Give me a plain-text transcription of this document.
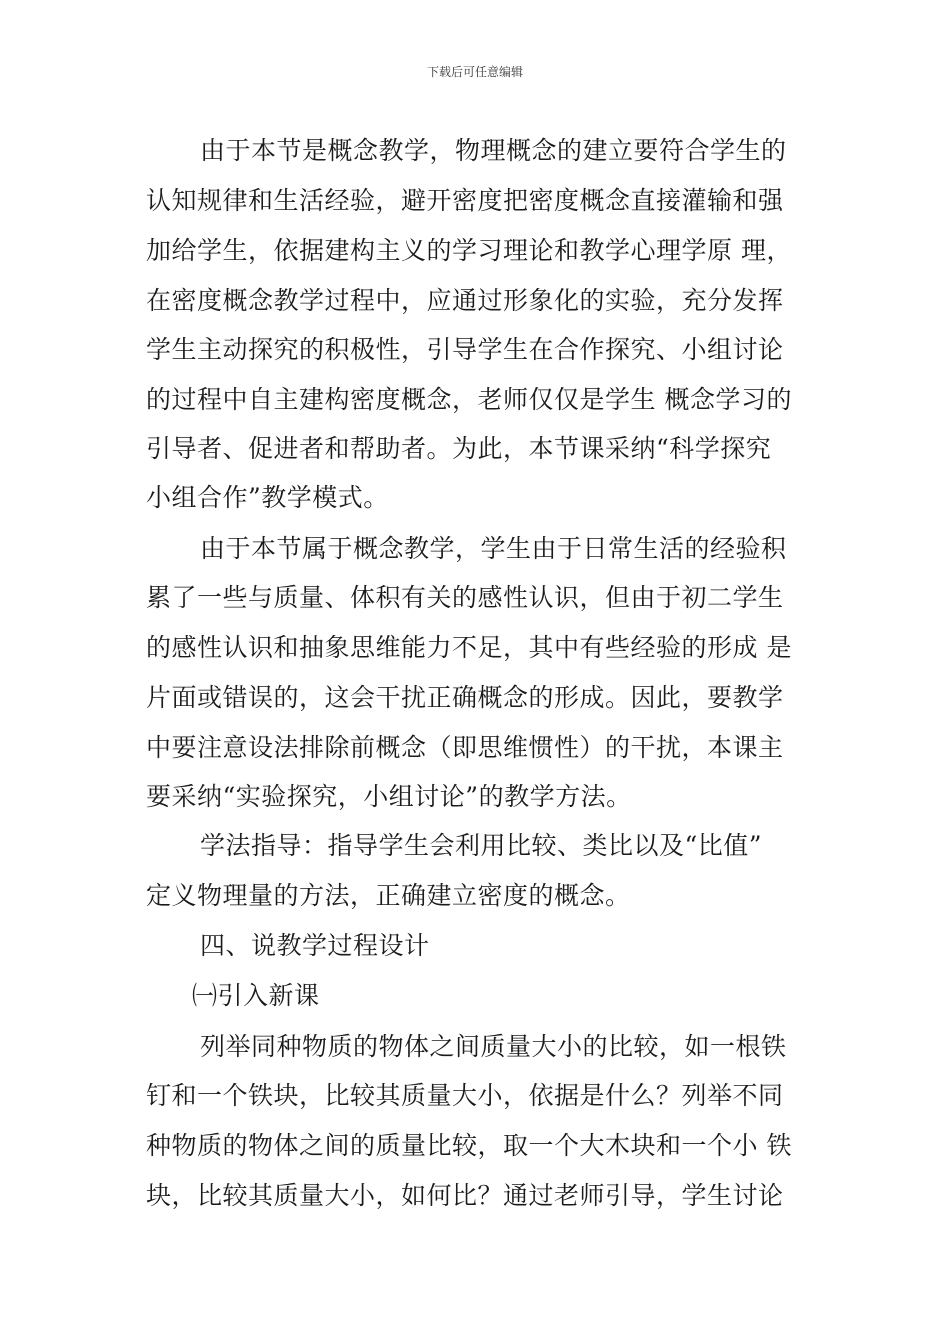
下载后可任意编辑
由于本节是概念教学，物理概念的建立要符合学生的
认知规律和生活经验，避开密度把密度概念直接灌输和强
加给学生，依据建构主义的学习理论和教学心理学原 理，
在密度概念教学过程中，应通过形象化的实验，充分发挥
学生主动探究的积极性，引导学生在合作探究、小组讨论
的过程中自主建构密度概念，老师仅仅是学生 概念学习的
引导者、促进者和帮助者。为此，本节课采纳“科学探究
小组合作”教学模式。
由于本节属于概念教学，学生由于日常生活的经验积
累了一些与质量、体积有关的感性认识，但由于初二学生
的感性认识和抽象思维能力不足，其中有些经验的形成 是
片面或错误的，这会干扰正确概念的形成。因此，要教学
中要注意设法排除前概念（即思维惯性）的干扰，本课主
要采纳“实验探究，小组讨论”的教学方法。
学法指导：指导学生会利用比较、类比以及“比值”
定义物理量的方法，正确建立密度的概念。
四、说教学过程设计
㈠引入新课
列举同种物质的物体之间质量大小的比较，如一根铁
钉和一个铁块，比较其质量大小，依据是什么？列举不同
种物质的物体之间的质量比较，取一个大木块和一个小 铁
块，比较其质量大小，如何比？通过老师引导，学生讨论
